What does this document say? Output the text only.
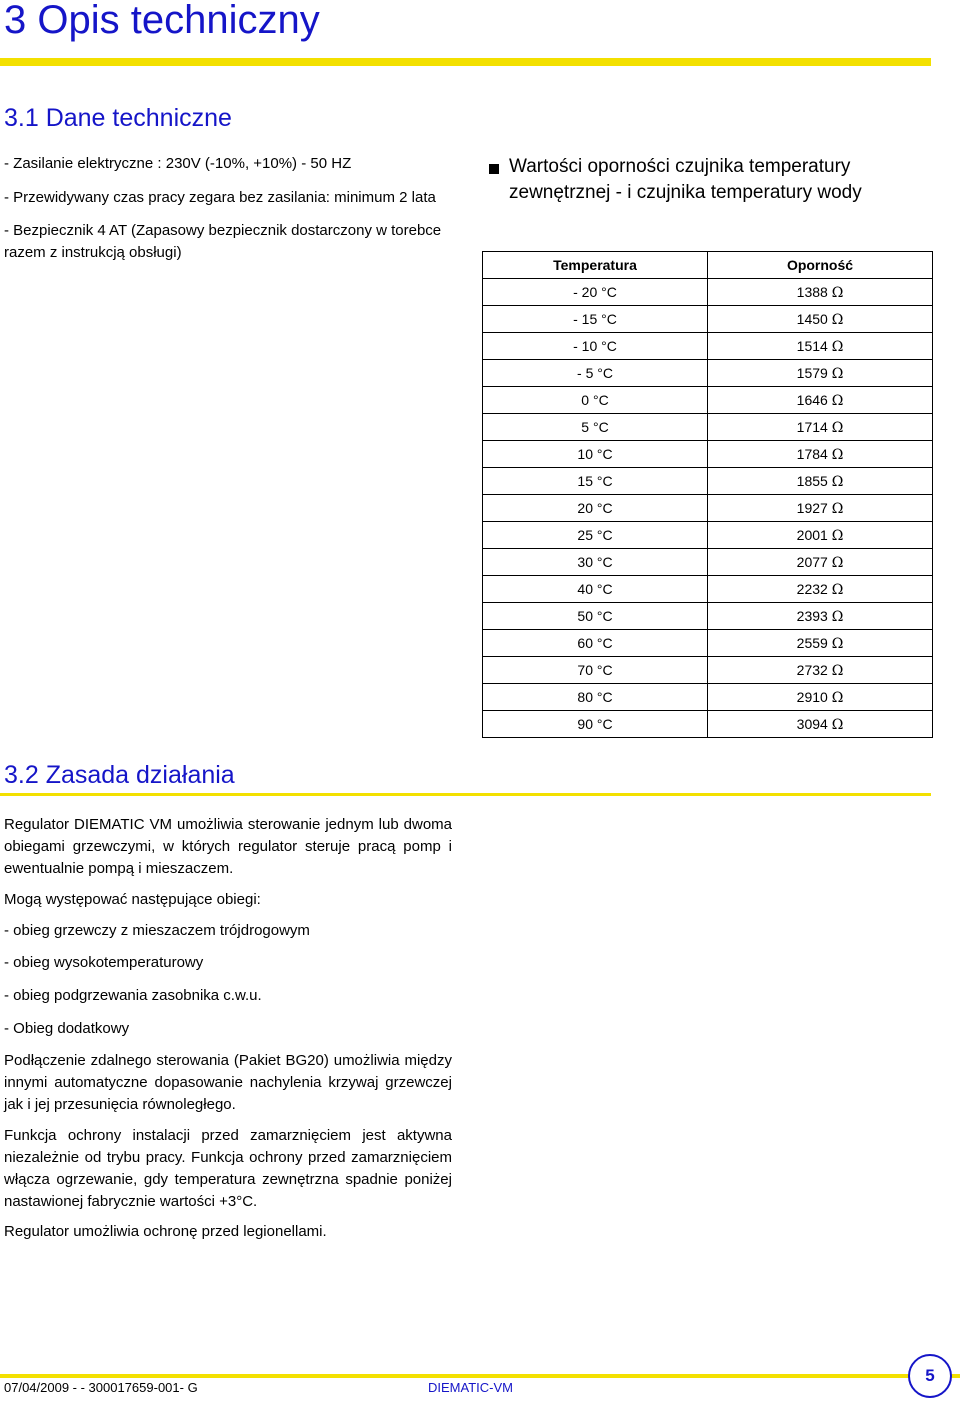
3 Opis techniczny
3.1 Dane techniczne
- Zasilanie elektryczne : 230V (-10%, +10%) - 50 HZ
- Przewidywany czas pracy zegara bez zasilania: minimum 2 lata
- Bezpiecznik 4 AT (Zapasowy bezpiecznik dostarczony w torebce razem z instrukcją obsługi)
Wartości oporności czujnika temperatury zewnętrznej - i czujnika temperatury wody
Temperatura	Oporność
- 20 °C	1388 Ω
- 15 °C	1450 Ω
- 10 °C	1514 Ω
- 5 °C	1579 Ω
0 °C	1646 Ω
5 °C	1714 Ω
10 °C	1784 Ω
15 °C	1855 Ω
20 °C	1927 Ω
25 °C	2001 Ω
30 °C	2077 Ω
40 °C	2232 Ω
50 °C	2393 Ω
60 °C	2559 Ω
70 °C	2732 Ω
80 °C	2910 Ω
90 °C	3094 Ω
3.2 Zasada działania
Regulator DIEMATIC VM umożliwia sterowanie jednym lub dwoma obiegami grzewczymi, w których regulator steruje pracą pomp i ewentualnie pompą i mieszaczem.
Mogą występować następujące obiegi:
- obieg grzewczy z mieszaczem trójdrogowym
- obieg wysokotemperaturowy
- obieg podgrzewania zasobnika c.w.u.
- Obieg dodatkowy
Podłączenie zdalnego sterowania (Pakiet BG20) umożliwia między innymi automatyczne dopasowanie nachylenia krzywaj grzewczej jak i jej przesunięcia równoległego.
Funkcja ochrony instalacji przed zamarznięciem jest aktywna niezależnie od trybu pracy. Funkcja ochrony przed zamarznięciem włącza ogrzewanie, gdy temperatura zewnętrzna spadnie poniżej nastawionej fabrycznie wartości +3°C.
Regulator umożliwia ochronę przed legionellami.
07/04/2009 - - 300017659-001- G	DIEMATIC-VM
5
